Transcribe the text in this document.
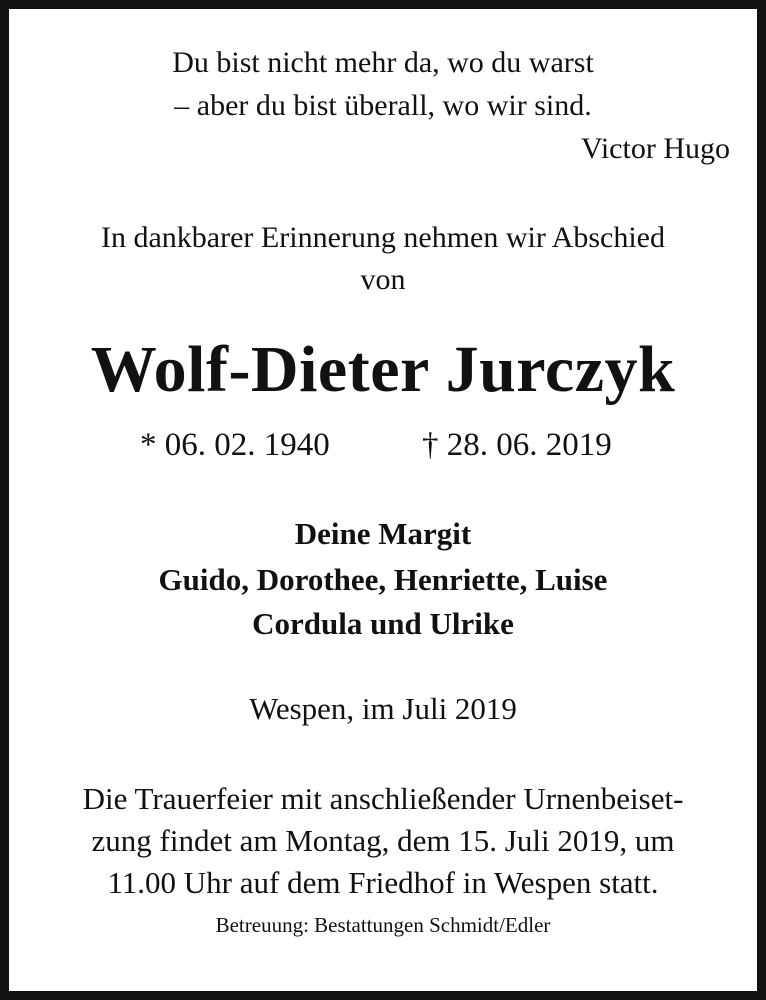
Du bist nicht mehr da, wo du warst
– aber du bist überall, wo wir sind.
Victor Hugo
In dankbarer Erinnerung nehmen wir Abschied
von
Wolf-Dieter Jurczyk
* 06. 02. 1940	† 28. 06. 2019
Deine Margit
Guido, Dorothee, Henriette, Luise
Cordula und Ulrike
Wespen, im Juli 2019
Die Trauerfeier mit anschließender Urnenbeiset-
zung findet am Montag, dem 15. Juli 2019, um
11.00 Uhr auf dem Friedhof in Wespen statt.
Betreuung: Bestattungen Schmidt/Edler
